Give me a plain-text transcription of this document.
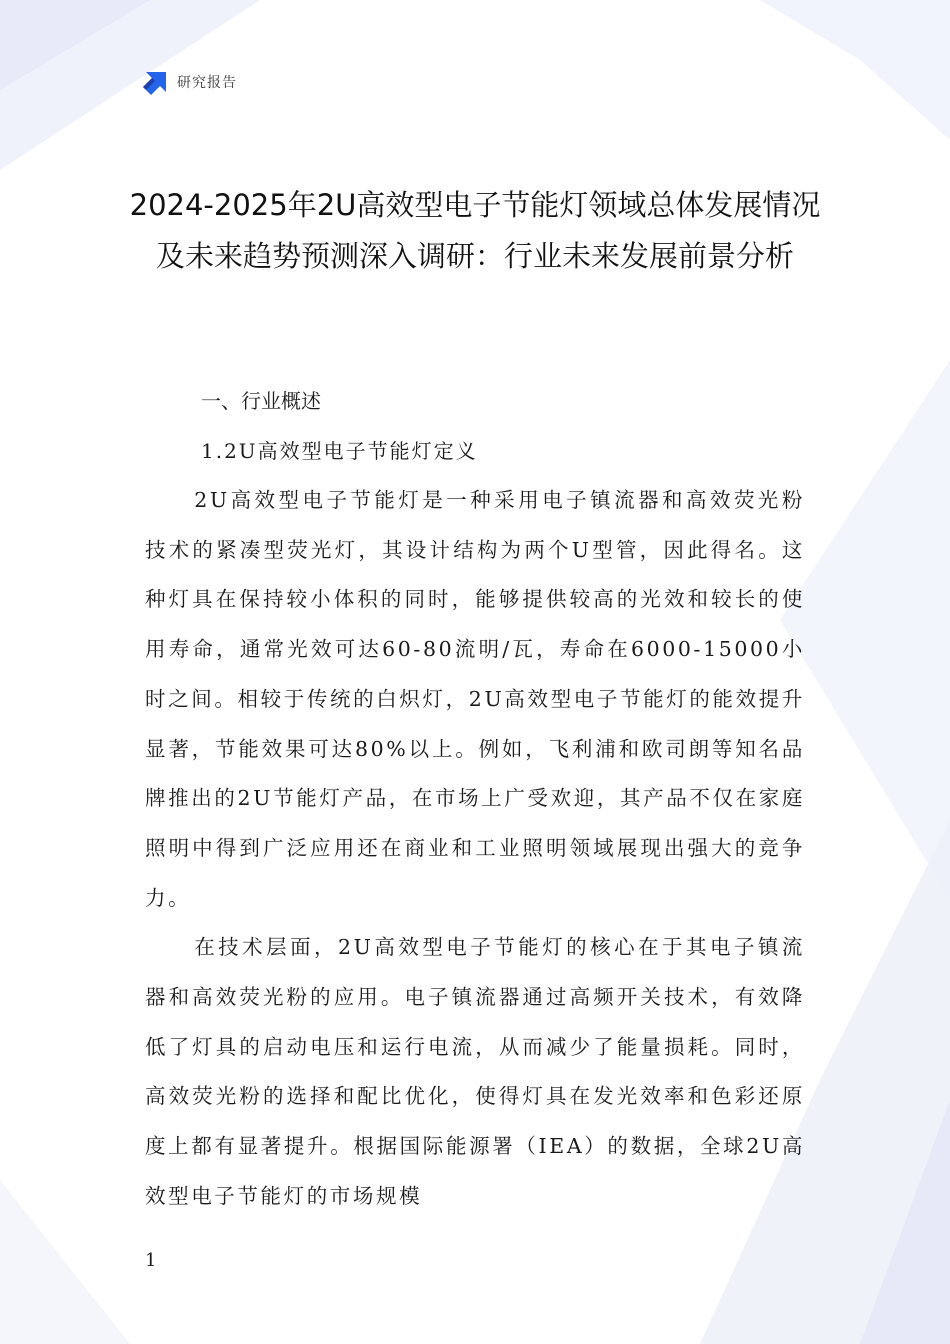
研究报告
2024-2025年2U高效型电子节能灯领域总体发展情况及未来趋势预测深入调研：行业未来发展前景分析
一、行业概述
1.2U高效型电子节能灯定义

2U高效型电子节能灯是一种采用电子镇流器和高效荧光粉技术的紧凑型荧光灯，其设计结构为两个U型管，因此得名。这种灯具在保持较小体积的同时，能够提供较高的光效和较长的使用寿命，通常光效可达60-80流明/瓦，寿命在6000-15000小时之间。相较于传统的白炽灯，2U高效型电子节能灯的能效提升显著，节能效果可达80%以上。例如，飞利浦和欧司朗等知名品牌推出的2U节能灯产品，在市场上广受欢迎，其产品不仅在家庭照明中得到广泛应用还在商业和工业照明领域展现出强大的竞争力。

在技术层面，2U高效型电子节能灯的核心在于其电子镇流器和高效荧光粉的应用。电子镇流器通过高频开关技术，有效降低了灯具的启动电压和运行电流，从而减少了能量损耗。同时，高效荧光粉的选择和配比优化，使得灯具在发光效率和色彩还原度上都有显著提升。根据国际能源署（IEA）的数据，全球2U高效型电子节能灯的市场规模

1
